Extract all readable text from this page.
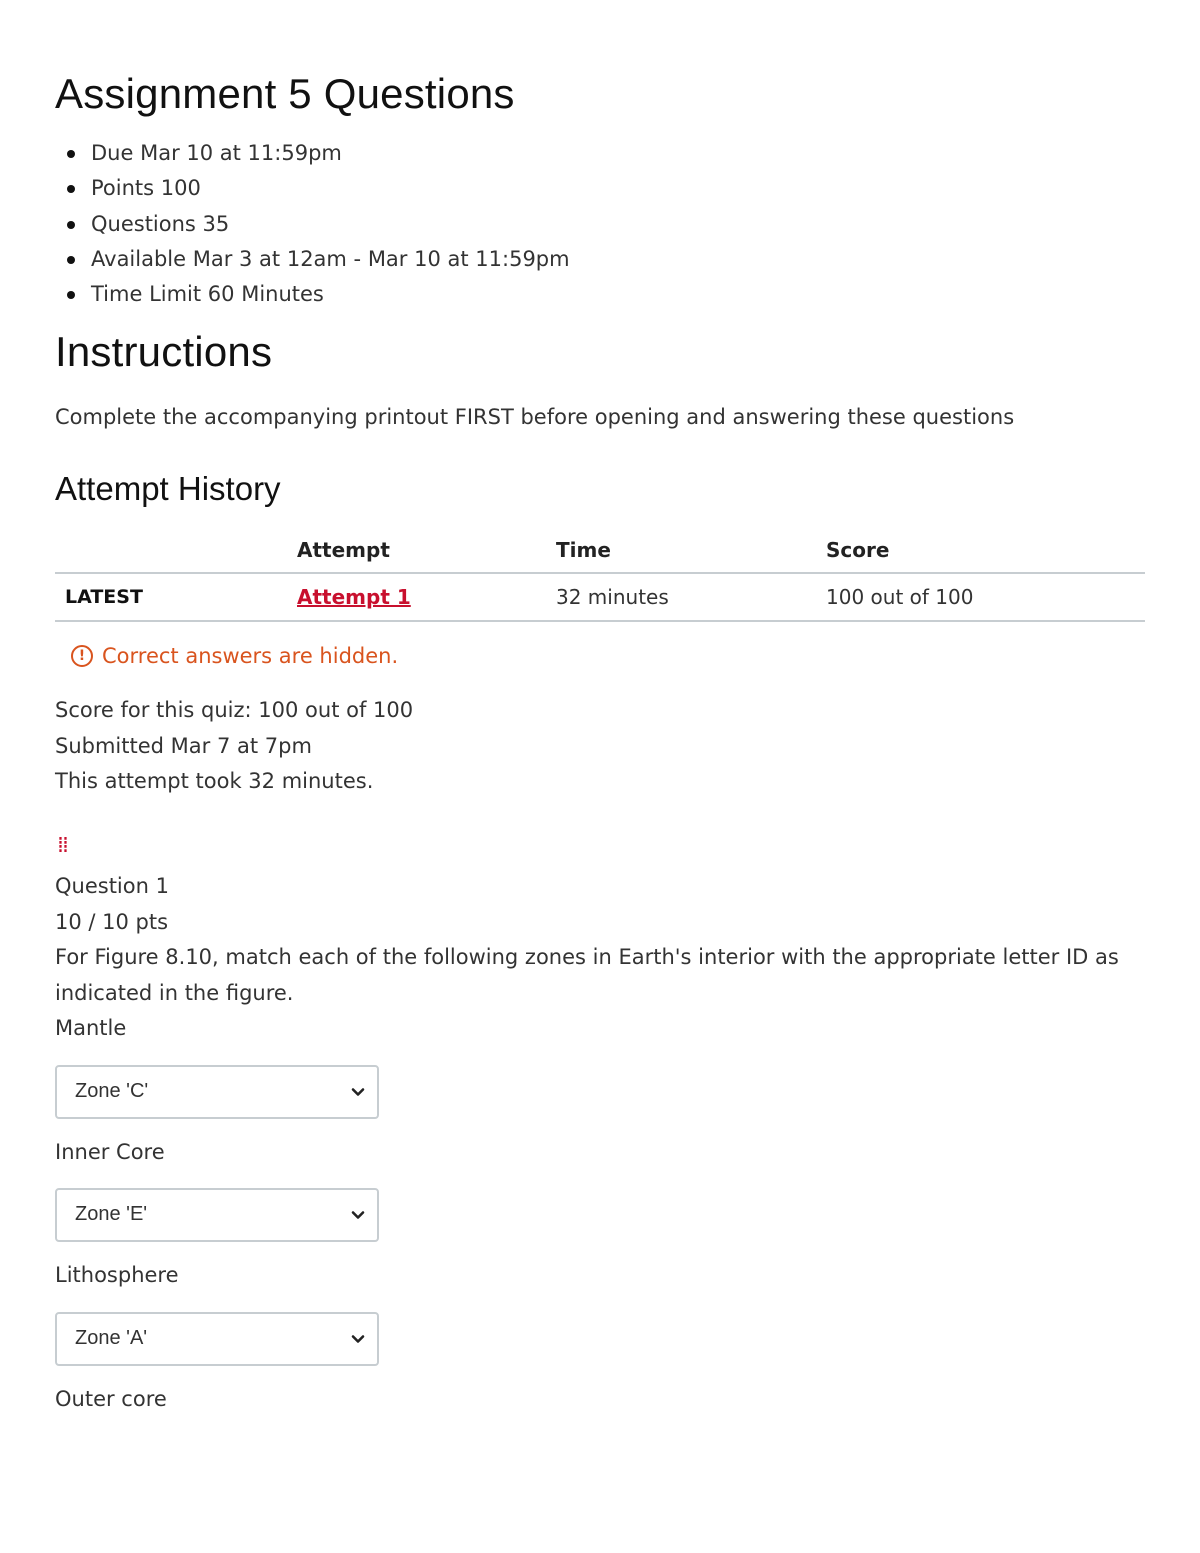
Assignment 5 Questions
Due Mar 10 at 11:59pm
Points 100
Questions 35
Available Mar 3 at 12am - Mar 10 at 11:59pm
Time Limit 60 Minutes
Instructions
Complete the accompanying printout FIRST before opening and answering these questions
Attempt History
	Attempt	Time	Score
LATEST	Attempt 1	32 minutes	100 out of 100
! Correct answers are hidden.
Score for this quiz: 100 out of 100
Submitted Mar 7 at 7pm
This attempt took 32 minutes.
⁞⁞
Question 1
10 / 10 pts
For Figure 8.10, match each of the following zones in Earth's interior with the appropriate letter ID as indicated in the figure.
Mantle
Zone 'C'
Inner Core
Zone 'E'
Lithosphere
Zone 'A'
Outer core
